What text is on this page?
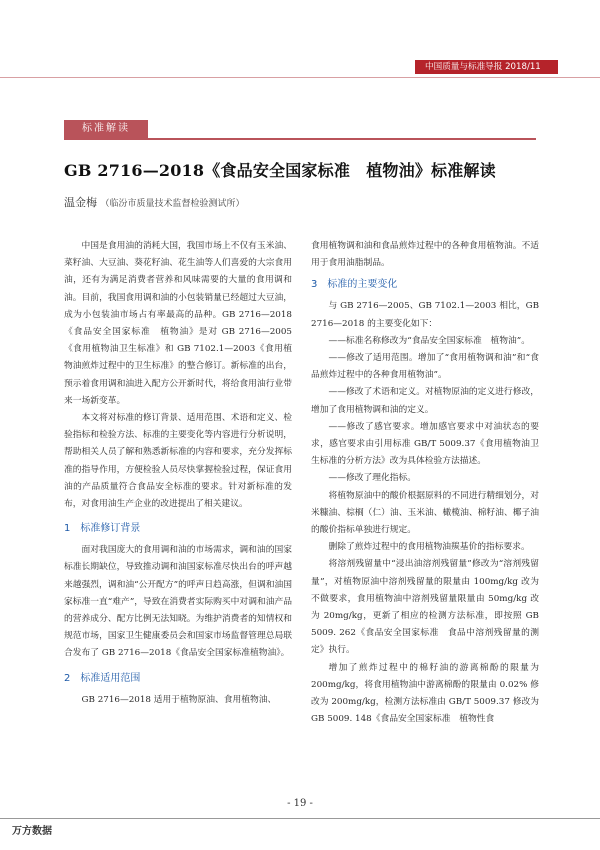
中国质量与标准导报 2018/11
标准解读
GB 2716—2018《食品安全国家标准　植物油》标准解读
温金梅 （临汾市质量技术监督检验测试所）

中国是食用油的消耗大国，我国市场上不仅有玉米油、菜籽油、大豆油、葵花籽油、花生油等人们喜爱的大宗食用油，还有为满足消费者营养和风味需要的大量的食用调和油。目前，我国食用调和油的小包装销量已经超过大豆油，成为小包装油市场占有率最高的品种。GB 2716—2018《食品安全国家标准　植物油》是对 GB 2716—2005《食用植物油卫生标准》和 GB 7102.1—2003《食用植物油煎炸过程中的卫生标准》的整合修订。新标准的出台，预示着食用调和油进入配方公开新时代，将给食用油行业带来一场新变革。

本文将对标准的修订背景、适用范围、术语和定义、检验指标和检验方法、标准的主要变化等内容进行分析说明，帮助相关人员了解和熟悉新标准的内容和要求，充分发挥标准的指导作用，方便检验人员尽快掌握检验过程，保证食用油的产品质量符合食品安全标准的要求。针对新标准的发布，对食用油生产企业的改进提出了相关建议。

1　标准修订背景

面对我国庞大的食用调和油的市场需求，调和油的国家标准长期缺位，导致推动调和油国家标准尽快出台的呼声越来越强烈，调和油“公开配方”的呼声日趋高涨，但调和油国家标准一直“难产”，导致在消费者实际购买中对调和油产品的营养成分、配方比例无法知晓。为维护消费者的知情权和规范市场，国家卫生健康委员会和国家市场监督管理总局联合发布了 GB 2716—2018《食品安全国家标准植物油》。

2　标准适用范围

GB 2716—2018 适用于植物原油、食用植物油、

食用植物调和油和食品煎炸过程中的各种食用植物油。不适用于食用油脂制品。

3　标准的主要变化

与 GB 2716—2005、GB 7102.1—2003 相比，GB 2716—2018 的主要变化如下：

——标准名称修改为“食品安全国家标准　植物油”。

——修改了适用范围。增加了“食用植物调和油”和“食品煎炸过程中的各种食用植物油”。

——修改了术语和定义。对植物原油的定义进行修改，增加了食用植物调和油的定义。

——修改了感官要求。增加感官要求中对油状态的要求，感官要求由引用标准 GB/T 5009.37《食用植物油卫生标准的分析方法》改为具体检验方法描述。

——修改了理化指标。

将植物原油中的酸价根据原料的不同进行精细划分，对米糠油、棕榈（仁）油、玉米油、橄榄油、棉籽油、椰子油的酸价指标单独进行规定。

删除了煎炸过程中的食用植物油羰基价的指标要求。

将溶剂残留量中“浸出油溶剂残留量”修改为“溶剂残留量”，对植物原油中溶剂残留量的限量由 100mg/kg 改为不做要求，食用植物油中溶剂残留量限量由 50mg/kg 改为 20mg/kg，更新了相应的检测方法标准，即按照 GB 5009. 262《食品安全国家标准　食品中溶剂残留量的测定》执行。

增加了煎炸过程中的棉籽油的游离棉酚的限量为 200mg/kg，将食用植物油中游离棉酚的限量由 0.02% 修改为 200mg/kg，检测方法标准由 GB/T 5009.37 修改为 GB 5009. 148《食品安全国家标准　植物性食

- 19 -
万方数据
